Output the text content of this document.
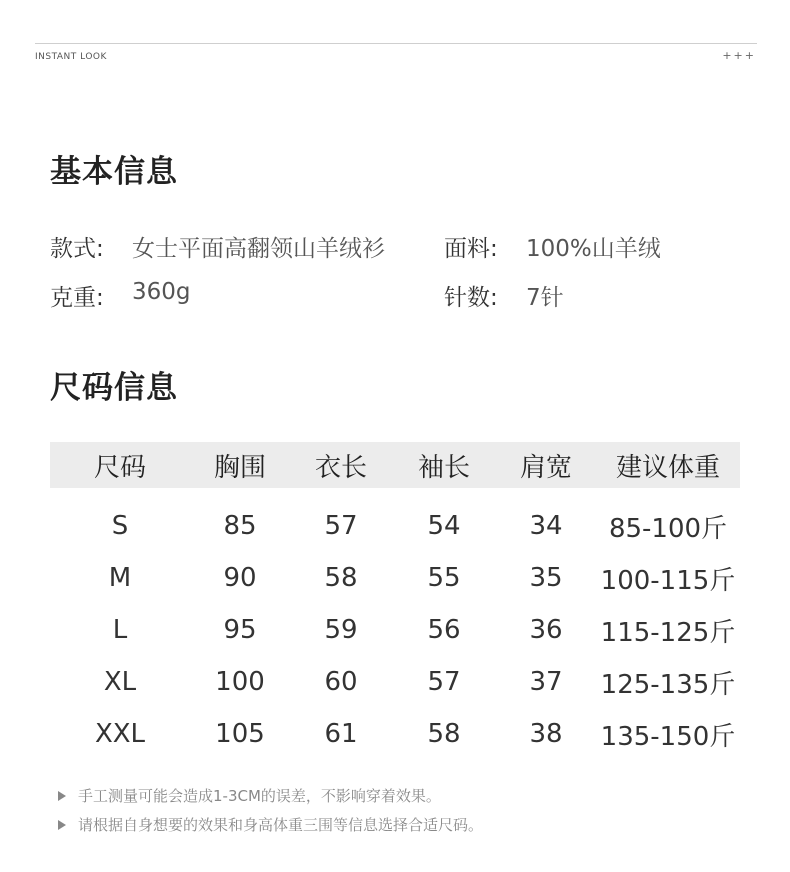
INSTANT LOOK	+++
基本信息
款式: 女士平面高翻领山羊绒衫	面料: 100%山羊绒
克重: 360g	针数: 7针
尺码信息
尺码	胸围	衣长	袖长	肩宽	建议体重
S	85	57	54	34	85-100斤
M	90	58	55	35	100-115斤
L	95	59	56	36	115-125斤
XL	100	60	57	37	125-135斤
XXL	105	61	58	38	135-150斤
手工测量可能会造成1-3CM的误差，不影响穿着效果。
请根据自身想要的效果和身高体重三围等信息选择合适尺码。
